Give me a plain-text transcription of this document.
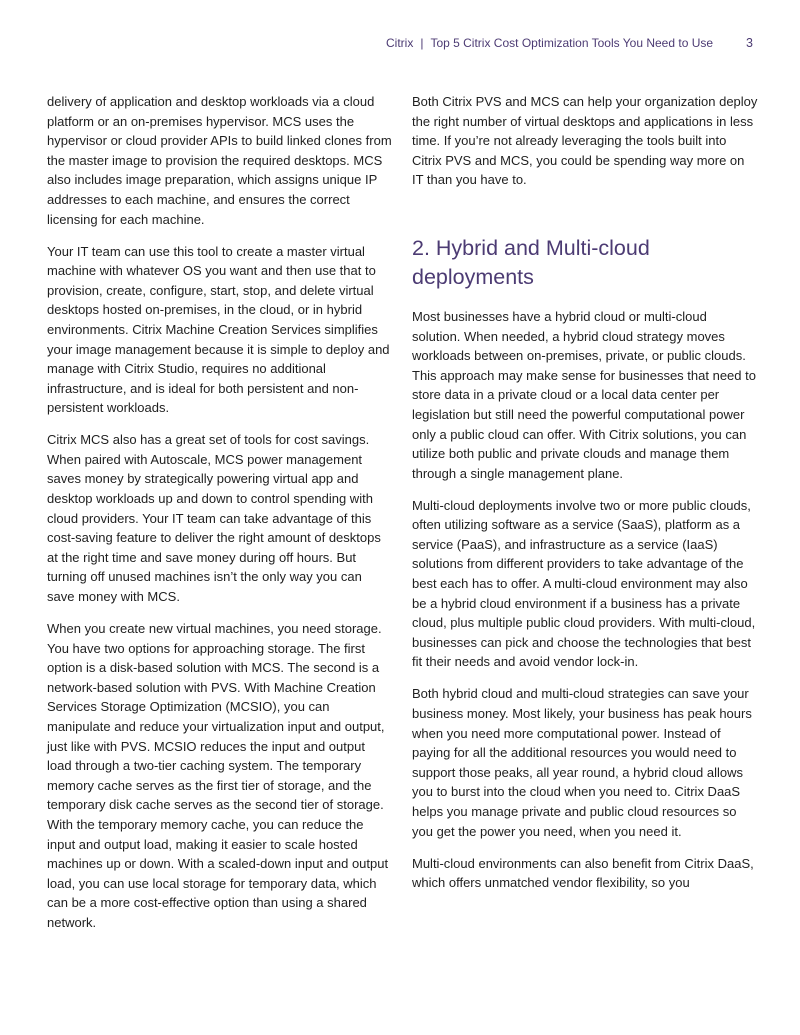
Citrix | Top 5 Citrix Cost Optimization Tools You Need to Use	3

delivery of application and desktop workloads via a cloud platform or an on-premises hypervisor. MCS uses the hypervisor or cloud provider APIs to build linked clones from the master image to provision the required desktops. MCS also includes image preparation, which assigns unique IP addresses to each machine, and ensures the correct licensing for each machine.

Your IT team can use this tool to create a master virtual machine with whatever OS you want and then use that to provision, create, configure, start, stop, and delete virtual desktops hosted on-premises, in the cloud, or in hybrid environments. Citrix Machine Creation Services simplifies your image management because it is simple to deploy and manage with Citrix Studio, requires no additional infrastructure, and is ideal for both persistent and non-persistent workloads.

Citrix MCS also has a great set of tools for cost savings. When paired with Autoscale, MCS power management saves money by strategically powering virtual app and desktop workloads up and down to control spending with cloud providers. Your IT team can take advantage of this cost-saving feature to deliver the right amount of desktops at the right time and save money during off hours. But turning off unused machines isn’t the only way you can save money with MCS.

When you create new virtual machines, you need storage. You have two options for approaching storage. The first option is a disk-based solution with MCS. The second is a network-based solution with PVS. With Machine Creation Services Storage Optimization (MCSIO), you can manipulate and reduce your virtualization input and output, just like with PVS. MCSIO reduces the input and output load through a two-tier caching system. The temporary memory cache serves as the first tier of storage, and the temporary disk cache serves as the second tier of storage. With the temporary memory cache, you can reduce the input and output load, making it easier to scale hosted machines up or down. With a scaled-down input and output load, you can use local storage for temporary data, which can be a more cost-effective option than using a shared network.

Both Citrix PVS and MCS can help your organization deploy the right number of virtual desktops and applications in less time. If you’re not already leveraging the tools built into Citrix PVS and MCS, you could be spending way more on IT than you have to.

2. Hybrid and Multi-cloud deployments

Most businesses have a hybrid cloud or multi-cloud solution. When needed, a hybrid cloud strategy moves workloads between on-premises, private, or public clouds. This approach may make sense for businesses that need to store data in a private cloud or a local data center per legislation but still need the powerful computational power only a public cloud can offer. With Citrix solutions, you can utilize both public and private clouds and manage them through a single management plane.

Multi-cloud deployments involve two or more public clouds, often utilizing software as a service (SaaS), platform as a service (PaaS), and infrastructure as a service (IaaS) solutions from different providers to take advantage of the best each has to offer. A multi-cloud environment may also be a hybrid cloud environment if a business has a private cloud, plus multiple public cloud providers. With multi-cloud, businesses can pick and choose the technologies that best fit their needs and avoid vendor lock-in.

Both hybrid cloud and multi-cloud strategies can save your business money. Most likely, your business has peak hours when you need more computational power. Instead of paying for all the additional resources you would need to support those peaks, all year round, a hybrid cloud allows you to burst into the cloud when you need to. Citrix DaaS helps you manage private and public cloud resources so you get the power you need, when you need it.

Multi-cloud environments can also benefit from Citrix DaaS, which offers unmatched vendor flexibility, so you
